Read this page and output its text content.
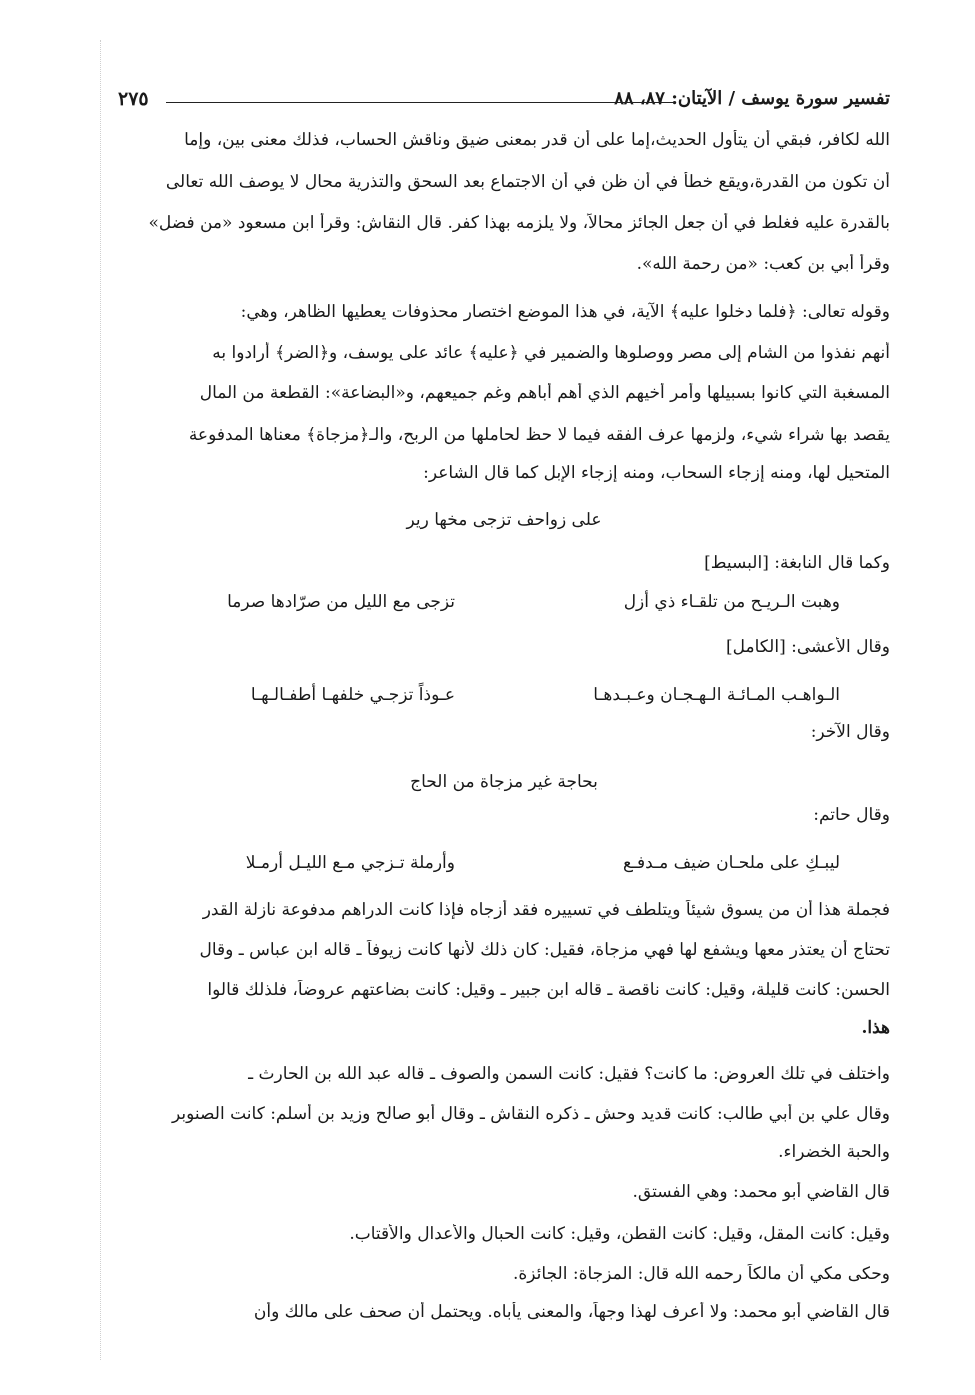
تفسير سورة يوسف / الآيتان: ٨٧، ٨٨
٢٧٥
الله لكافر، فبقي أن يتأول الحديث،إما على أن قدر بمعنى ضيق وناقش الحساب، فذلك معنى بين، وإما
أن تكون من القدرة،ويقع خطأً في أن ظن في أن الاجتماع بعد السحق والتذرية محال لا يوصف الله تعالى
بالقدرة عليه فغلط في أن جعل الجائز محالاً، ولا يلزمه بهذا كفر. قال النقاش: وقرأ ابن مسعود «من فضل»
وقرأ أبي بن كعب: «من رحمة الله».
وقوله تعالى: ﴿فلما دخلوا عليه﴾ الآية، في هذا الموضع اختصار محذوفات يعطيها الظاهر، وهي:
أنهم نفذوا من الشام إلى مصر ووصلوها والضمير في ﴿عليه﴾ عائد على يوسف، و﴿الضر﴾ أرادوا به
المسغبة التي كانوا بسبيلها وأمر أخيهم الذي أهم أباهم وغم جميعهم، و«البضاعة»: القطعة من المال
يقصد بها شراء شيء، ولزمها عرف الفقه فيما لا حظ لحاملها من الربح، والـ﴿مزجاة﴾ معناها المدفوعة
المتحيل لها، ومنه إزجاء السحاب، ومنه إزجاء الإبل كما قال الشاعر:
على زواحف تزجى مخها رير
وكما قال النابغة: [البسيط]
وهبت الـريـح من تلقـاء ذي أزل
تزجى مع الليل من صرّادها صرما
وقال الأعشى: [الكامل]
الـواهـب المـائـة الـهـجـان وعـبـدهـا
عـوذاً تزجـي خلفهـا أطفـالـهـا
وقال الآخر:
بحاجة غير مزجاة من الحاج
وقال حاتم:
ليبـكِ على ملحـان ضيف مـدفـع
وأرملة تـزجي مـع الليـل أرمـلا
فجملة هذا أن من يسوق شيئاً ويتلطف في تسييره فقد أزجاه فإذا كانت الدراهم مدفوعة نازلة القدر
تحتاج أن يعتذر معها ويشفع لها فهي مزجاة، فقيل: كان ذلك لأنها كانت زيوفاً ـ قاله ابن عباس ـ وقال
الحسن: كانت قليلة، وقيل: كانت ناقصة ـ قاله ابن جبير ـ وقيل: كانت بضاعتهم عروضاً، فلذلك قالوا
هذا.
واختلف في تلك العروض: ما كانت؟ فقيل: كانت السمن والصوف ـ قاله عبد الله بن الحارث ـ
وقال علي بن أبي طالب: كانت قديد وحش ـ ذكره النقاش ـ وقال أبو صالح وزيد بن أسلم: كانت الصنوبر
والحبة الخضراء.
قال القاضي أبو محمد: وهي الفستق.
وقيل: كانت المقل، وقيل: كانت القطن، وقيل: كانت الحبال والأعدال والأقتاب.
وحكى مكي أن مالكاً رحمه الله قال: المزجاة: الجائزة.
قال القاضي أبو محمد: ولا أعرف لهذا وجهاً، والمعنى يأباه. ويحتمل أن صحف على مالك وأن
